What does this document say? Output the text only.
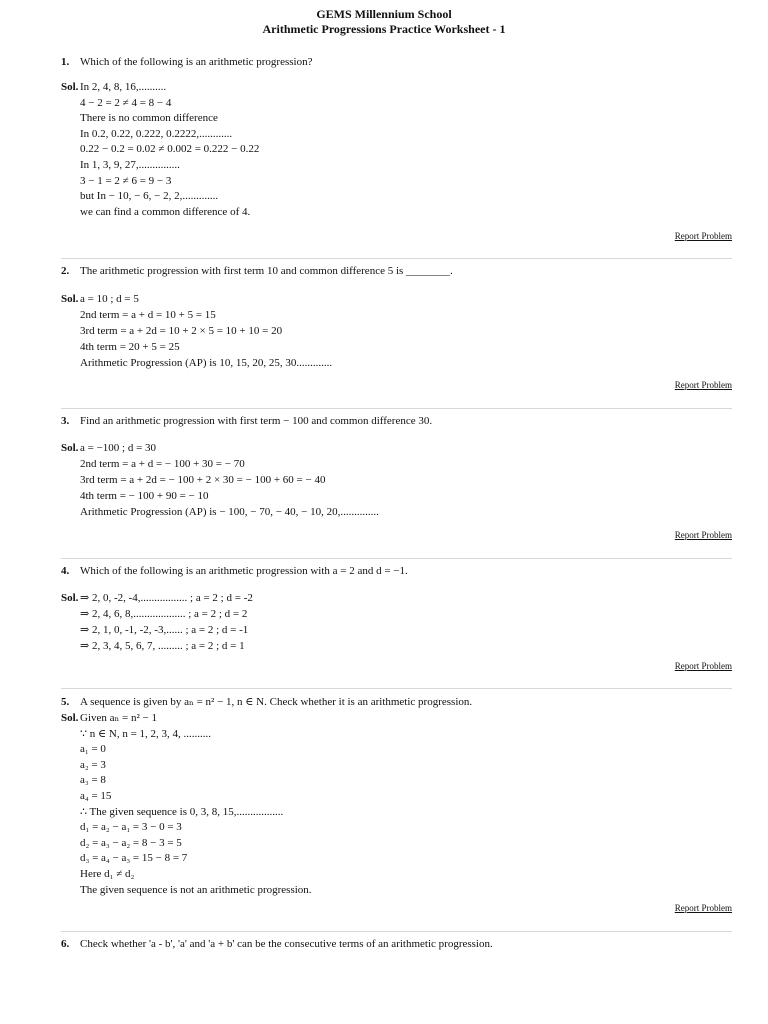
GEMS Millennium School
Arithmetic Progressions Practice Worksheet - 1
1. Which of the following is an arithmetic progression?
Sol. In 2, 4, 8, 16,..........
4 − 2 = 2 ≠ 4 = 8 − 4
There is no common difference
In 0.2, 0.22, 0.222, 0.2222,............
0.22 − 0.2 = 0.02 ≠ 0.002 = 0.222 − 0.22
In 1, 3, 9, 27,...............
3 − 1 = 2 ≠ 6 = 9 − 3
but In − 10, − 6, − 2, 2,.............
we can find a common difference of 4.
Report Problem
2. The arithmetic progression with first term 10 and common difference 5 is ________.
Sol. a = 10 ; d = 5
2nd term = a + d = 10 + 5 = 15
3rd term = a + 2d = 10 + 2 × 5 = 10 + 10 = 20
4th term = 20 + 5 = 25
Arithmetic Progression (AP) is 10, 15, 20, 25, 30.............
Report Problem
3. Find an arithmetic progression with first term − 100 and common difference 30.
Sol. a = −100 ; d = 30
2nd term = a + d = − 100 + 30 = − 70
3rd term = a + 2d = − 100 + 2 × 30 = − 100 + 60 = − 40
4th term = − 100 + 90 = − 10
Arithmetic Progression (AP) is − 100, − 70, − 40, − 10, 20,..............
Report Problem
4. Which of the following is an arithmetic progression with a = 2 and d = −1.
Sol. ⇒ 2, 0, -2, -4,................. ; a = 2 ; d = -2
⇒ 2, 4, 6, 8,................... ; a = 2 ; d = 2
⇒ 2, 1, 0, -1, -2, -3,...... ; a = 2 ; d = -1
⇒ 2, 3, 4, 5, 6, 7, ......... ; a = 2 ; d = 1
Report Problem
5. A sequence is given by aₙ = n² − 1, n ∈ N. Check whether it is an arithmetic progression.
Sol. Given aₙ = n² − 1
∵ n ∈ N, n = 1, 2, 3, 4, ..........
a₁ = 0
a₂ = 3
a₃ = 8
a₄ = 15
∴ The given sequence is 0, 3, 8, 15,.................
d₁ = a₂ − a₁ = 3 − 0 = 3
d₂ = a₃ − a₂ = 8 − 3 = 5
d₃ = a₄ − a₃ = 15 − 8 = 7
Here d₁ ≠ d₂
The given sequence is not an arithmetic progression.
Report Problem
6. Check whether 'a - b', 'a' and 'a + b' can be the consecutive terms of an arithmetic progression.
